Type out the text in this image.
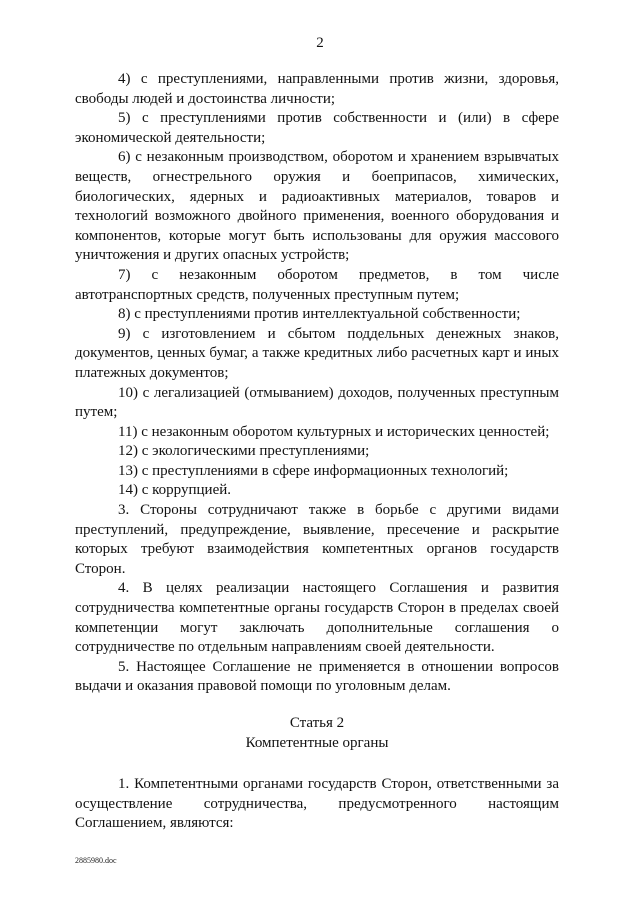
2

4) с преступлениями, направленными против жизни, здоровья, свободы людей и достоинства личности;

5) с преступлениями против собственности и (или) в сфере экономической деятельности;

6) с незаконным производством, оборотом и хранением взрывчатых веществ, огнестрельного оружия и боеприпасов, химических, биологических, ядерных и радиоактивных материалов, товаров и технологий возможного двойного применения, военного оборудования и компонентов, которые могут быть использованы для оружия массового уничтожения и других опасных устройств;

7) с незаконным оборотом предметов, в том числе автотранспортных средств, полученных преступным путем;

8) с преступлениями против интеллектуальной собственности;

9) с изготовлением и сбытом поддельных денежных знаков, документов, ценных бумаг, а также кредитных либо расчетных карт и иных платежных документов;

10) с легализацией (отмыванием) доходов, полученных преступным путем;

11) с незаконным оборотом культурных и исторических ценностей;

12) с экологическими преступлениями;

13) с преступлениями в сфере информационных технологий;

14) с коррупцией.

3. Стороны сотрудничают также в борьбе с другими видами преступлений, предупреждение, выявление, пресечение и раскрытие которых требуют взаимодействия компетентных органов государств Сторон.

4. В целях реализации настоящего Соглашения и развития сотрудничества компетентные органы государств Сторон в пределах своей компетенции могут заключать дополнительные соглашения о сотрудничестве по отдельным направлениям своей деятельности.

5. Настоящее Соглашение не применяется в отношении вопросов выдачи и оказания правовой помощи по уголовным делам.

Статья 2

Компетентные органы

1. Компетентными органами государств Сторон, ответственными за осуществление сотрудничества, предусмотренного настоящим Соглашением, являются:

2885980.doc
